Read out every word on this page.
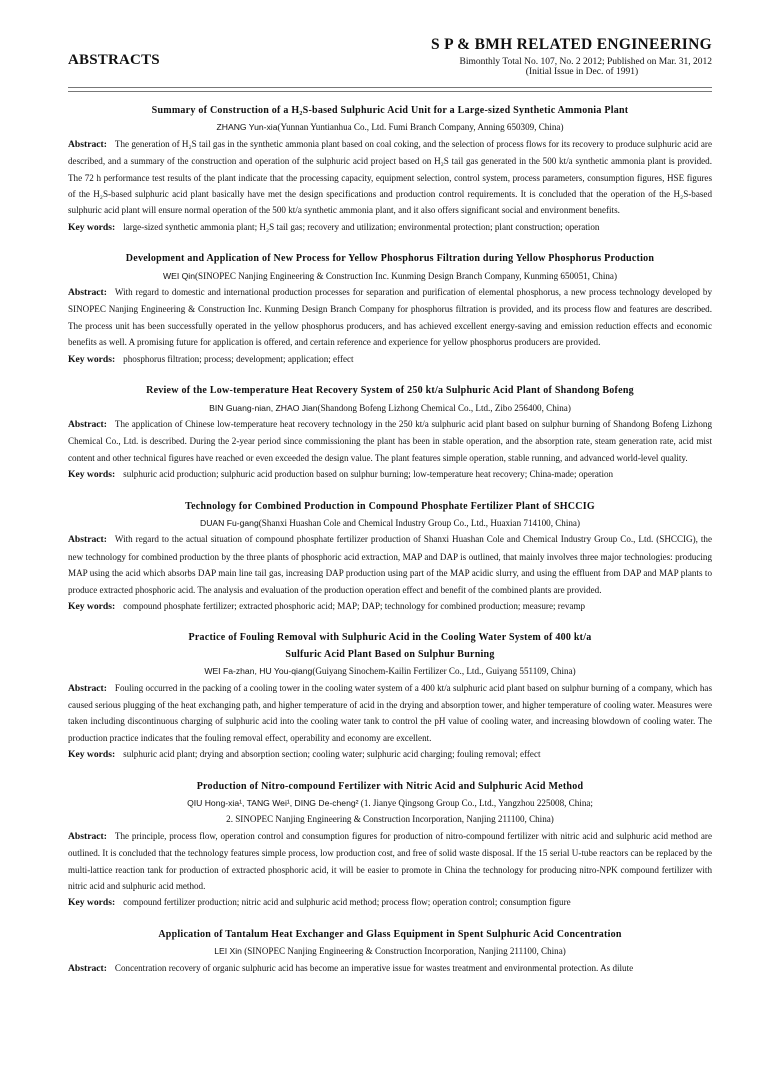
ABSTRACTS
S P & BMH RELATED ENGINEERING
Bimonthly Total No. 107, No. 2 2012; Published on Mar. 31, 2012
(Initial Issue in Dec. of 1991)
Summary of Construction of a H₂S-based Sulphuric Acid Unit for a Large-sized Synthetic Ammonia Plant
ZHANG Yun-xia(Yunnan Yuntianhua Co., Ltd. Fumi Branch Company, Anning 650309, China)
Abstract: The generation of H₂S tail gas in the synthetic ammonia plant based on coal coking, and the selection of process flows for its recovery to produce sulphuric acid are described, and a summary of the construction and operation of the sulphuric acid project based on H₂S tail gas generated in the 500 kt/a synthetic ammonia plant is provided. The 72 h performance test results of the plant indicate that the processing capacity, equipment selection, control system, process parameters, consumption figures, HSE figures of the H₂S-based sulphuric acid plant basically have met the design specifications and production control requirements. It is concluded that the operation of the H₂S-based sulphuric acid plant will ensure normal operation of the 500 kt/a synthetic ammonia plant, and it also offers significant social and environment benefits.
Key words: large-sized synthetic ammonia plant; H₂S tail gas; recovery and utilization; environmental protection; plant construction; operation
Development and Application of New Process for Yellow Phosphorus Filtration during Yellow Phosphorus Production
WEI Qin(SINOPEC Nanjing Engineering & Construction Inc. Kunming Design Branch Company, Kunming 650051, China)
Abstract: With regard to domestic and international production processes for separation and purification of elemental phosphorus, a new process technology developed by SINOPEC Nanjing Engineering & Construction Inc. Kunming Design Branch Company for phosphorus filtration is provided, and its process flow and features are described. The process unit has been successfully operated in the yellow phosphorus producers, and has achieved excellent energy-saving and emission reduction effects and economic benefits as well. A promising future for application is offered, and certain reference and experience for yellow phosphorus producers are provided.
Key words: phosphorus filtration; process; development; application; effect
Review of the Low-temperature Heat Recovery System of 250 kt/a Sulphuric Acid Plant of Shandong Bofeng
BIN Guang-nian, ZHAO Jian(Shandong Bofeng Lizhong Chemical Co., Ltd., Zibo 256400, China)
Abstract: The application of Chinese low-temperature heat recovery technology in the 250 kt/a sulphuric acid plant based on sulphur burning of Shandong Bofeng Lizhong Chemical Co., Ltd. is described. During the 2-year period since commissioning the plant has been in stable operation, and the absorption rate, steam generation rate, acid mist content and other technical figures have reached or even exceeded the design value. The plant features simple operation, stable running, and advanced world-level quality.
Key words: sulphuric acid production; sulphuric acid production based on sulphur burning; low-temperature heat recovery; China-made; operation
Technology for Combined Production in Compound Phosphate Fertilizer Plant of SHCCIG
DUAN Fu-gang(Shanxi Huashan Cole and Chemical Industry Group Co., Ltd., Huaxian 714100, China)
Abstract: With regard to the actual situation of compound phosphate fertilizer production of Shanxi Huashan Cole and Chemical Industry Group Co., Ltd. (SHCCIG), the new technology for combined production by the three plants of phosphoric acid extraction, MAP and DAP is outlined, that mainly involves three major technologies: producing MAP using the acid which absorbs DAP main line tail gas, increasing DAP production using part of the MAP acidic slurry, and using the effluent from DAP and MAP plants to produce extracted phosphoric acid. The analysis and evaluation of the production operation effect and benefit of the combined plants are provided.
Key words: compound phosphate fertilizer; extracted phosphoric acid; MAP; DAP; technology for combined production; measure; revamp
Practice of Fouling Removal with Sulphuric Acid in the Cooling Water System of 400 kt/a
Sulfuric Acid Plant Based on Sulphur Burning
WEI Fa-zhan, HU You-qiang(Guiyang Sinochem-Kailin Fertilizer Co., Ltd., Guiyang 551109, China)
Abstract: Fouling occurred in the packing of a cooling tower in the cooling water system of a 400 kt/a sulphuric acid plant based on sulphur burning of a company, which has caused serious plugging of the heat exchanging path, and higher temperature of acid in the drying and absorption tower, and higher temperature of cooling water. Measures were taken including discontinuous charging of sulphuric acid into the cooling water tank to control the pH value of cooling water, and increasing blowdown of cooling water. The production practice indicates that the fouling removal effect, operability and economy are excellent.
Key words: sulphuric acid plant; drying and absorption section; cooling water; sulphuric acid charging; fouling removal; effect
Production of Nitro-compound Fertilizer with Nitric Acid and Sulphuric Acid Method
QIU Hong-xia¹, TANG Wei¹, DING De-cheng² (1. Jianye Qingsong Group Co., Ltd., Yangzhou 225008, China;
2. SINOPEC Nanjing Engineering & Construction Incorporation, Nanjing 211100, China)
Abstract: The principle, process flow, operation control and consumption figures for production of nitro-compound fertilizer with nitric acid and sulphuric acid method are outlined. It is concluded that the technology features simple process, low production cost, and free of solid waste disposal. If the 15 serial U-tube reactors can be replaced by the multi-lattice reaction tank for production of extracted phosphoric acid, it will be easier to promote in China the technology for producing nitro-NPK compound fertilizer with nitric acid and sulphuric acid method.
Key words: compound fertilizer production; nitric acid and sulphuric acid method; process flow; operation control; consumption figure
Application of Tantalum Heat Exchanger and Glass Equipment in Spent Sulphuric Acid Concentration
LEI Xin (SINOPEC Nanjing Engineering & Construction Incorporation, Nanjing 211100, China)
Abstract: Concentration recovery of organic sulphuric acid has become an imperative issue for wastes treatment and environmental protection. As dilute
